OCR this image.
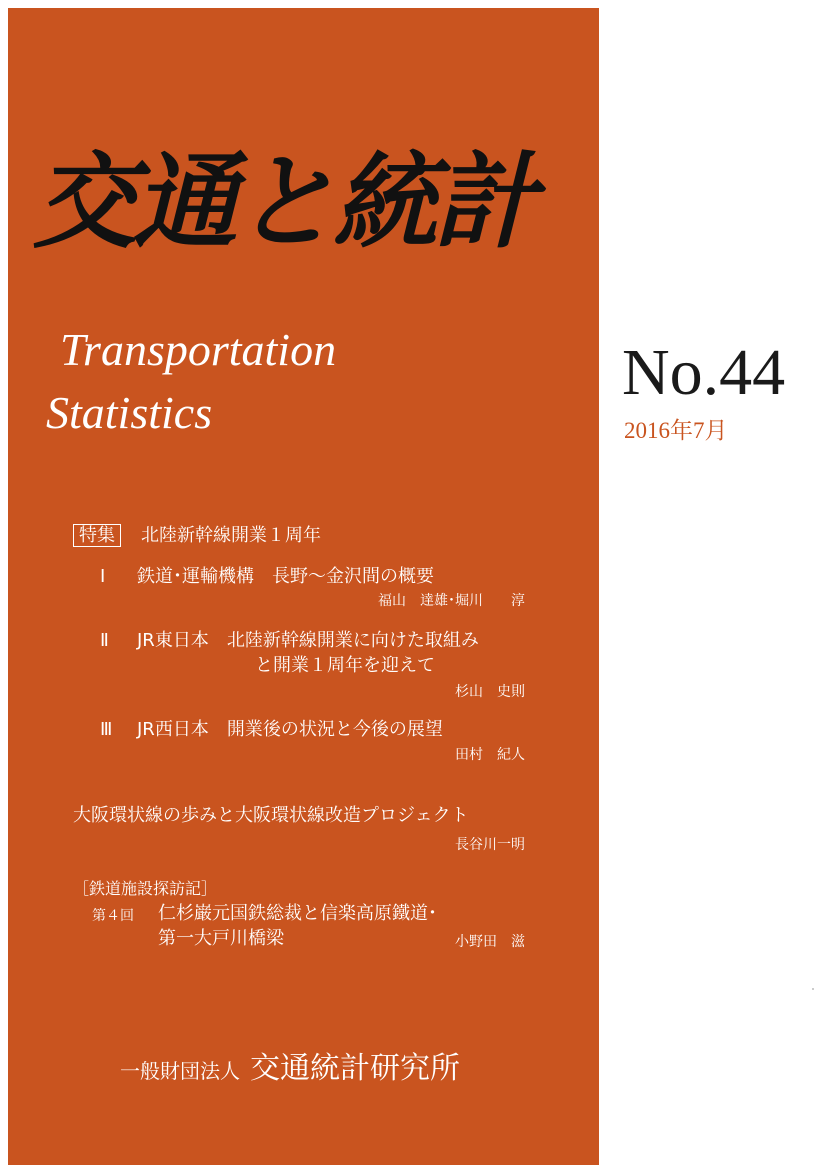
交通と統計
Transportation
Statistics
No.44
2016年7月
特集 北陸新幹線開業１周年
Ⅰ 鉄道･運輸機構　長野～金沢間の概要
福山　達雄･堀川　　淳
Ⅱ JR東日本　北陸新幹線開業に向けた取組み
と開業１周年を迎えて
杉山　史則
Ⅲ JR西日本　開業後の状況と今後の展望
田村　紀人
大阪環状線の歩みと大阪環状線改造プロジェクト
長谷川一明
［鉄道施設探訪記］
第４回 仁杉巌元国鉄総裁と信楽高原鐵道･
第一大戸川橋梁	小野田　滋
一般財団法人 交通統計研究所
